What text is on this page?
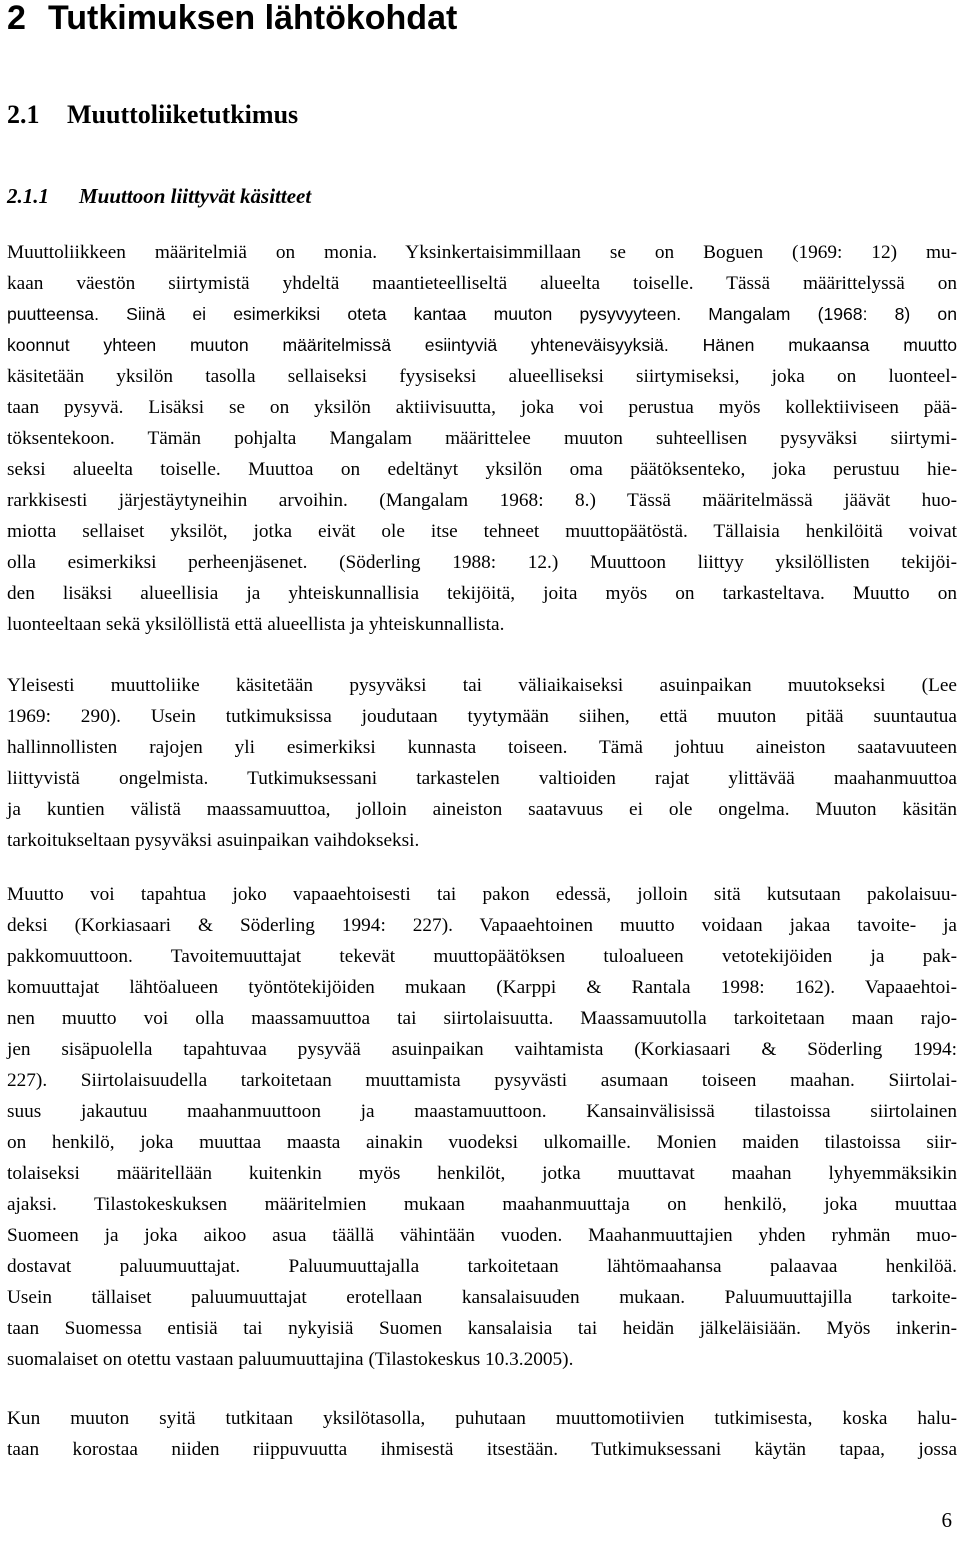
2 Tutkimuksen lähtökohdat
2.1 Muuttoliiketutkimus
2.1.1 Muuttoon liittyvät käsitteet
Muuttoliikkeen määritelmiä on monia. Yksinkertaisimmillaan se on Boguen (1969: 12) mu-
kaan väestön siirtymistä yhdeltä maantieteelliseltä alueelta toiselle. Tässä määrittelyssä on
puutteensa. Siinä ei esimerkiksi oteta kantaa muuton pysyvyyteen. Mangalam (1968: 8) on
koonnut yhteen muuton määritelmissä esiintyviä yhteneväisyyksiä. Hänen mukaansa muutto
käsitetään yksilön tasolla sellaiseksi fyysiseksi alueelliseksi siirtymiseksi, joka on luonteel-
taan pysyvä. Lisäksi se on yksilön aktiivisuutta, joka voi perustua myös kollektiiviseen pää-
töksentekoon. Tämän pohjalta Mangalam määrittelee muuton suhteellisen pysyväksi siirtymi-
seksi alueelta toiselle. Muuttoa on edeltänyt yksilön oma päätöksenteko, joka perustuu hie-
rarkkisesti järjestäytyneihin arvoihin. (Mangalam 1968: 8.) Tässä määritelmässä jäävät huo-
miotta sellaiset yksilöt, jotka eivät ole itse tehneet muuttopäätöstä. Tällaisia henkilöitä voivat
olla esimerkiksi perheenjäsenet. (Söderling 1988: 12.) Muuttoon liittyy yksilöllisten tekijöi-
den lisäksi alueellisia ja yhteiskunnallisia tekijöitä, joita myös on tarkasteltava. Muutto on
luonteeltaan sekä yksilöllistä että alueellista ja yhteiskunnallista.
Yleisesti muuttoliike käsitetään pysyväksi tai väliaikaiseksi asuinpaikan muutokseksi (Lee
1969: 290). Usein tutkimuksissa joudutaan tyytymään siihen, että muuton pitää suuntautua
hallinnollisten rajojen yli esimerkiksi kunnasta toiseen. Tämä johtuu aineiston saatavuuteen
liittyvistä ongelmista. Tutkimuksessani tarkastelen valtioiden rajat ylittävää maahanmuuttoa
ja kuntien välistä maassamuuttoa, jolloin aineiston saatavuus ei ole ongelma. Muuton käsitän
tarkoitukseltaan pysyväksi asuinpaikan vaihdokseksi.
Muutto voi tapahtua joko vapaaehtoisesti tai pakon edessä, jolloin sitä kutsutaan pakolaisuu-
deksi (Korkiasaari & Söderling 1994: 227). Vapaaehtoinen muutto voidaan jakaa tavoite- ja
pakkomuuttoon. Tavoitemuuttajat tekevät muuttopäätöksen tuloalueen vetotekijöiden ja pak-
komuuttajat lähtöalueen työntötekijöiden mukaan (Karppi & Rantala 1998: 162). Vapaaehtoi-
nen muutto voi olla maassamuuttoa tai siirtolaisuutta. Maassamuutolla tarkoitetaan maan rajo-
jen sisäpuolella tapahtuvaa pysyvää asuinpaikan vaihtamista (Korkiasaari & Söderling 1994:
227). Siirtolaisuudella tarkoitetaan muuttamista pysyvästi asumaan toiseen maahan. Siirtolai-
suus jakautuu maahanmuuttoon ja maastamuuttoon. Kansainvälisissä tilastoissa siirtolainen
on henkilö, joka muuttaa maasta ainakin vuodeksi ulkomaille. Monien maiden tilastoissa siir-
tolaiseksi määritellään kuitenkin myös henkilöt, jotka muuttavat maahan lyhyemmäksikin
ajaksi. Tilastokeskuksen määritelmien mukaan maahanmuuttaja on henkilö, joka muuttaa
Suomeen ja joka aikoo asua täällä vähintään vuoden. Maahanmuuttajien yhden ryhmän muo-
dostavat paluumuuttajat. Paluumuuttajalla tarkoitetaan lähtömaahansa palaavaa henkilöä.
Usein tällaiset paluumuuttajat erotellaan kansalaisuuden mukaan. Paluumuuttajilla tarkoite-
taan Suomessa entisiä tai nykyisiä Suomen kansalaisia tai heidän jälkeläisiään. Myös inkerin-
suomalaiset on otettu vastaan paluumuuttajina (Tilastokeskus 10.3.2005).
Kun muuton syitä tutkitaan yksilötasolla, puhutaan muuttomotiivien tutkimisesta, koska halu-
taan korostaa niiden riippuvuutta ihmisestä itsestään. Tutkimuksessani käytän tapaa, jossa
6
